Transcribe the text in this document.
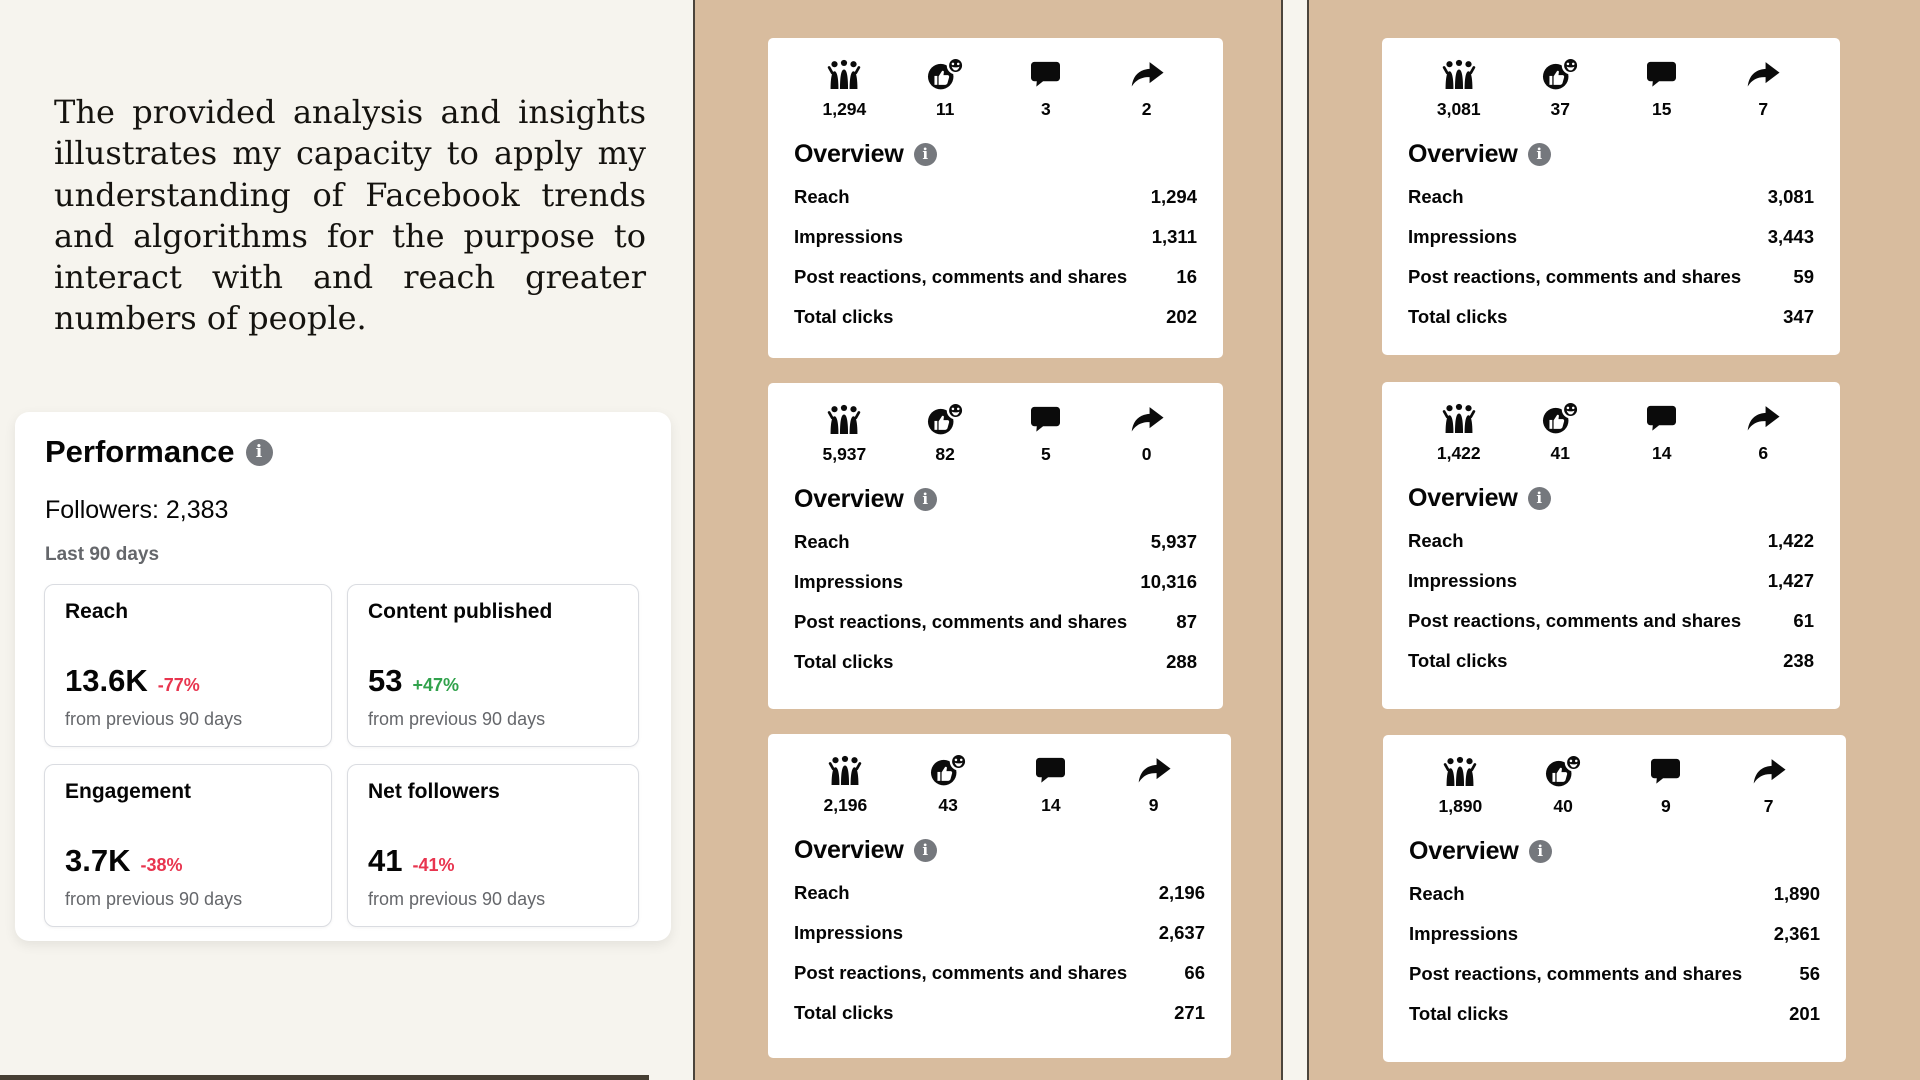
The provided analysis and insights illustrates my capacity to apply my understanding of Facebook trends and algorithms for the purpose to interact with and reach greater numbers of people.

Performance	i
Followers: 2,383
Last 90 days
Reach
13.6K -77%
from previous 90 days
Content published
53 +47%
from previous 90 days
Engagement
3.7K -38%
from previous 90 days
Net followers
41 -41%
from previous 90 days
1,294	11	3	2
Overview	i
Reach	1,294
Impressions	1,311
Post reactions, comments and shares	16
Total clicks	202
5,937	82	5	0
Overview	i
Reach	5,937
Impressions	10,316
Post reactions, comments and shares	87
Total clicks	288
2,196	43	14	9
Overview	i
Reach	2,196
Impressions	2,637
Post reactions, comments and shares	66
Total clicks	271
3,081	37	15	7
Overview	i
Reach	3,081
Impressions	3,443
Post reactions, comments and shares	59
Total clicks	347
1,422	41	14	6
Overview	i
Reach	1,422
Impressions	1,427
Post reactions, comments and shares	61
Total clicks	238
1,890	40	9	7
Overview	i
Reach	1,890
Impressions	2,361
Post reactions, comments and shares	56
Total clicks	201
